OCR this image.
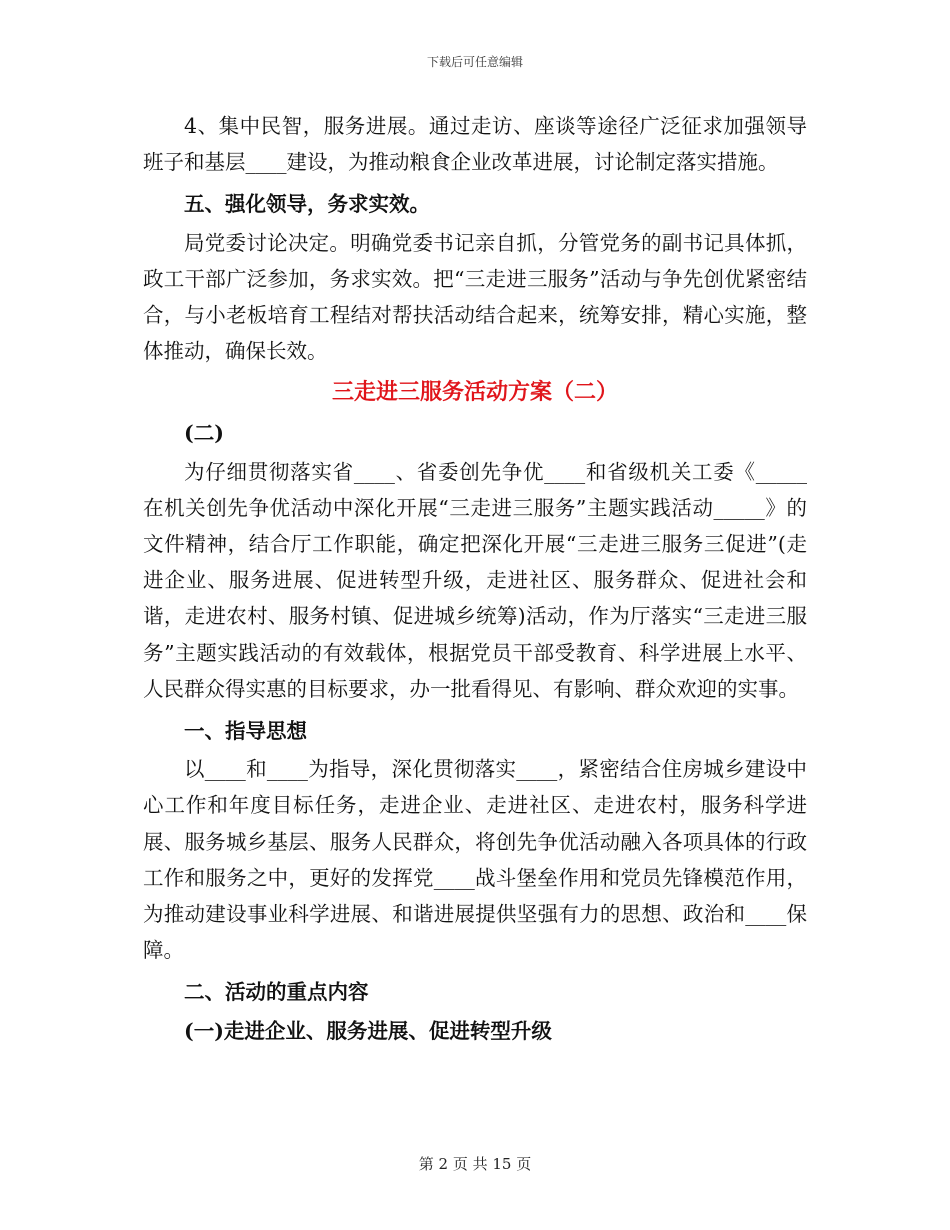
下载后可任意编辑

4、集中民智，服务进展。通过走访、座谈等途径广泛征求加强领导班子和基层____建设，为推动粮食企业改革进展，讨论制定落实措施。

五、强化领导，务求实效。

局党委讨论决定。明确党委书记亲自抓，分管党务的副书记具体抓，政工干部广泛参加，务求实效。把“三走进三服务”活动与争先创优紧密结合，与小老板培育工程结对帮扶活动结合起来，统筹安排，精心实施，整体推动，确保长效。

三走进三服务活动方案（二）

(二)

为仔细贯彻落实省____、省委创先争优____和省级机关工委《_____在机关创先争优活动中深化开展“三走进三服务”主题实践活动_____》的文件精神，结合厅工作职能，确定把深化开展“三走进三服务三促进”(走进企业、服务进展、促进转型升级，走进社区、服务群众、促进社会和谐，走进农村、服务村镇、促进城乡统筹)活动，作为厅落实“三走进三服务”主题实践活动的有效载体，根据党员干部受教育、科学进展上水平、人民群众得实惠的目标要求，办一批看得见、有影响、群众欢迎的实事。

一、指导思想

以____和____为指导，深化贯彻落实____，紧密结合住房城乡建设中心工作和年度目标任务，走进企业、走进社区、走进农村，服务科学进展、服务城乡基层、服务人民群众，将创先争优活动融入各项具体的行政工作和服务之中，更好的发挥党____战斗堡垒作用和党员先锋模范作用，为推动建设事业科学进展、和谐进展提供坚强有力的思想、政治和____保障。

二、活动的重点内容

(一)走进企业、服务进展、促进转型升级

第 2 页 共 15 页
